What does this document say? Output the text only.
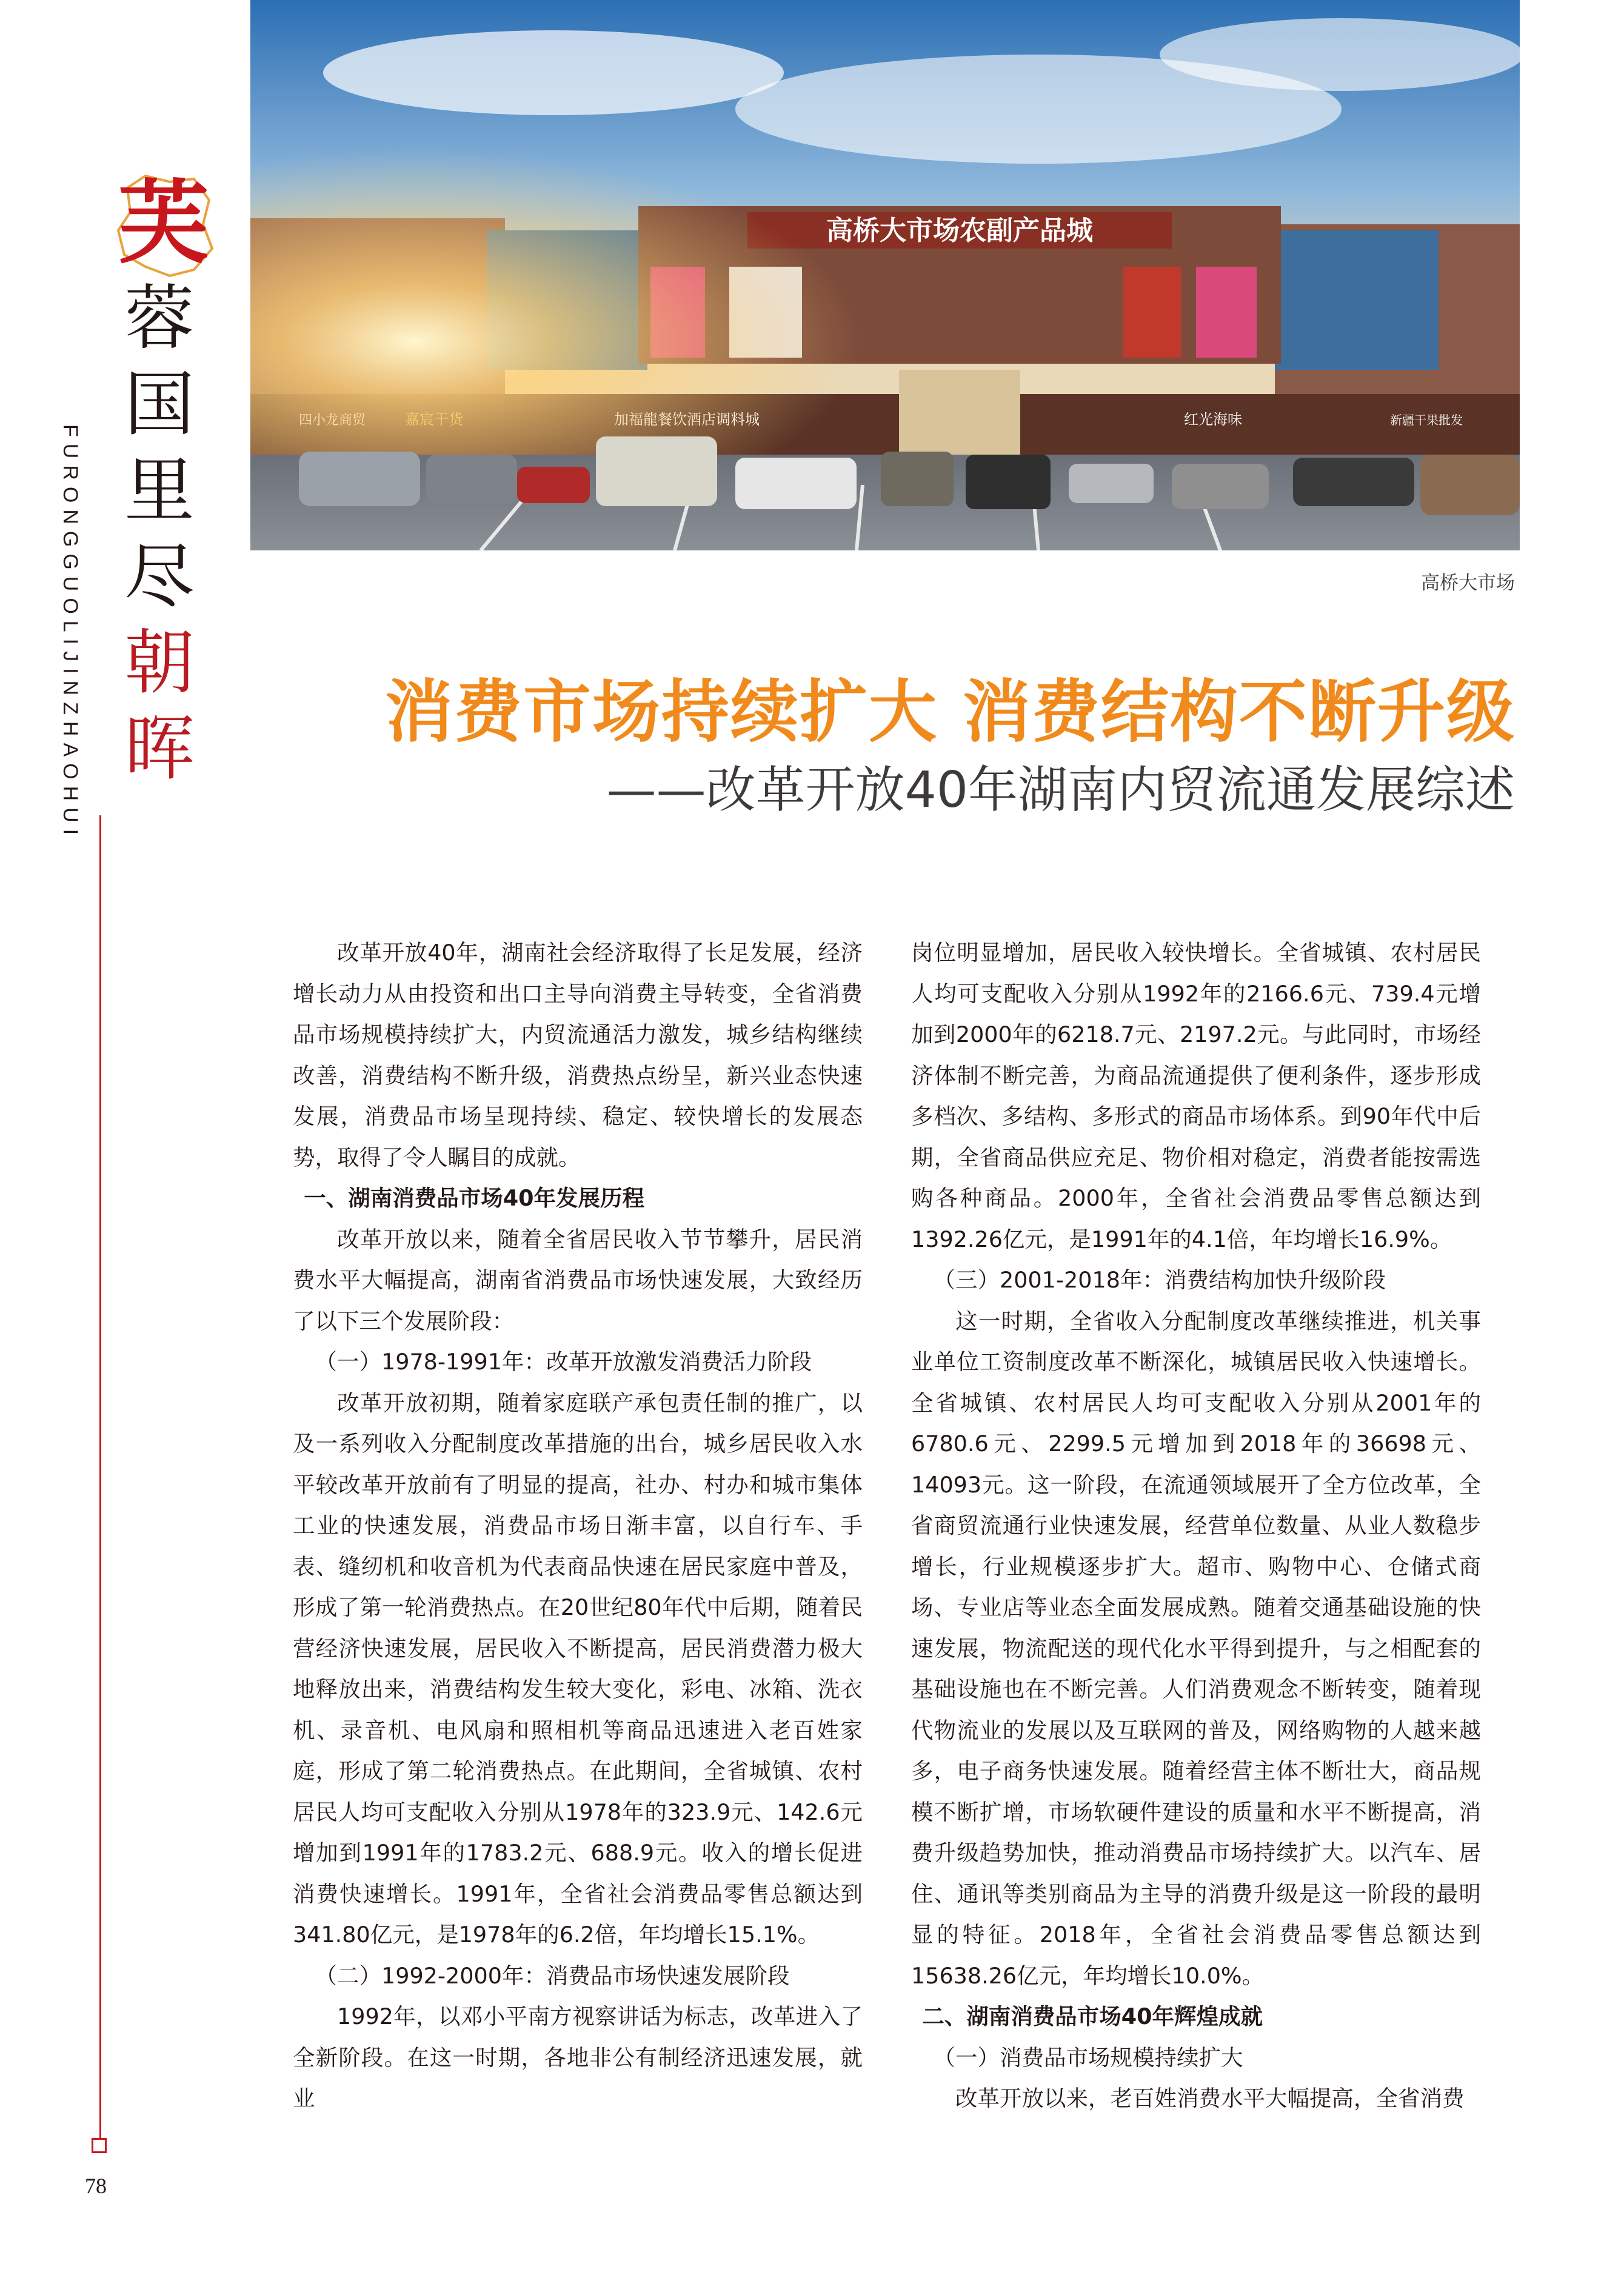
芙
蓉
国
里
尽
朝
晖
FURONGGUOLIJINZHAOHUI
78
高桥大市场
消费市场持续扩大 消费结构不断升级
——改革开放40年湖南内贸流通发展综述

改革开放40年，湖南社会经济取得了长足发展，经济增长动力从由投资和出口主导向消费主导转变，全省消费品市场规模持续扩大，内贸流通活力激发，城乡结构继续改善，消费结构不断升级，消费热点纷呈，新兴业态快速发展，消费品市场呈现持续、稳定、较快增长的发展态势，取得了令人瞩目的成就。

一、湖南消费品市场40年发展历程

改革开放以来，随着全省居民收入节节攀升，居民消费水平大幅提高，湖南省消费品市场快速发展，大致经历了以下三个发展阶段：

（一）1978-1991年：改革开放激发消费活力阶段

改革开放初期，随着家庭联产承包责任制的推广，以及一系列收入分配制度改革措施的出台，城乡居民收入水平较改革开放前有了明显的提高，社办、村办和城市集体工业的快速发展，消费品市场日渐丰富，以自行车、手表、缝纫机和收音机为代表商品快速在居民家庭中普及，形成了第一轮消费热点。在20世纪80年代中后期，随着民营经济快速发展，居民收入不断提高，居民消费潜力极大地释放出来，消费结构发生较大变化，彩电、冰箱、洗衣机、录音机、电风扇和照相机等商品迅速进入老百姓家庭，形成了第二轮消费热点。在此期间，全省城镇、农村居民人均可支配收入分别从1978年的323.9元、142.6元增加到1991年的1783.2元、688.9元。收入的增长促进消费快速增长。1991年，全省社会消费品零售总额达到341.80亿元，是1978年的6.2倍，年均增长15.1%。

（二）1992-2000年：消费品市场快速发展阶段

1992年，以邓小平南方视察讲话为标志，改革进入了全新阶段。在这一时期，各地非公有制经济迅速发展，就业

岗位明显增加，居民收入较快增长。全省城镇、农村居民人均可支配收入分别从1992年的2166.6元、739.4元增加到2000年的6218.7元、2197.2元。与此同时，市场经济体制不断完善，为商品流通提供了便利条件，逐步形成多档次、多结构、多形式的商品市场体系。到90年代中后期，全省商品供应充足、物价相对稳定，消费者能按需选购各种商品。2000年，全省社会消费品零售总额达到1392.26亿元，是1991年的4.1倍，年均增长16.9%。

（三）2001-2018年：消费结构加快升级阶段

这一时期，全省收入分配制度改革继续推进，机关事业单位工资制度改革不断深化，城镇居民收入快速增长。全省城镇、农村居民人均可支配收入分别从2001年的6780.6元、2299.5元增加到2018年的36698元、14093元。这一阶段，在流通领域展开了全方位改革，全省商贸流通行业快速发展，经营单位数量、从业人数稳步增长，行业规模逐步扩大。超市、购物中心、仓储式商场、专业店等业态全面发展成熟。随着交通基础设施的快速发展，物流配送的现代化水平得到提升，与之相配套的基础设施也在不断完善。人们消费观念不断转变，随着现代物流业的发展以及互联网的普及，网络购物的人越来越多，电子商务快速发展。随着经营主体不断壮大，商品规模不断扩增，市场软硬件建设的质量和水平不断提高，消费升级趋势加快，推动消费品市场持续扩大。以汽车、居住、通讯等类别商品为主导的消费升级是这一阶段的最明显的特征。2018年，全省社会消费品零售总额达到15638.26亿元，年均增长10.0%。

二、湖南消费品市场40年辉煌成就

（一）消费品市场规模持续扩大

改革开放以来，老百姓消费水平大幅提高，全省消费
